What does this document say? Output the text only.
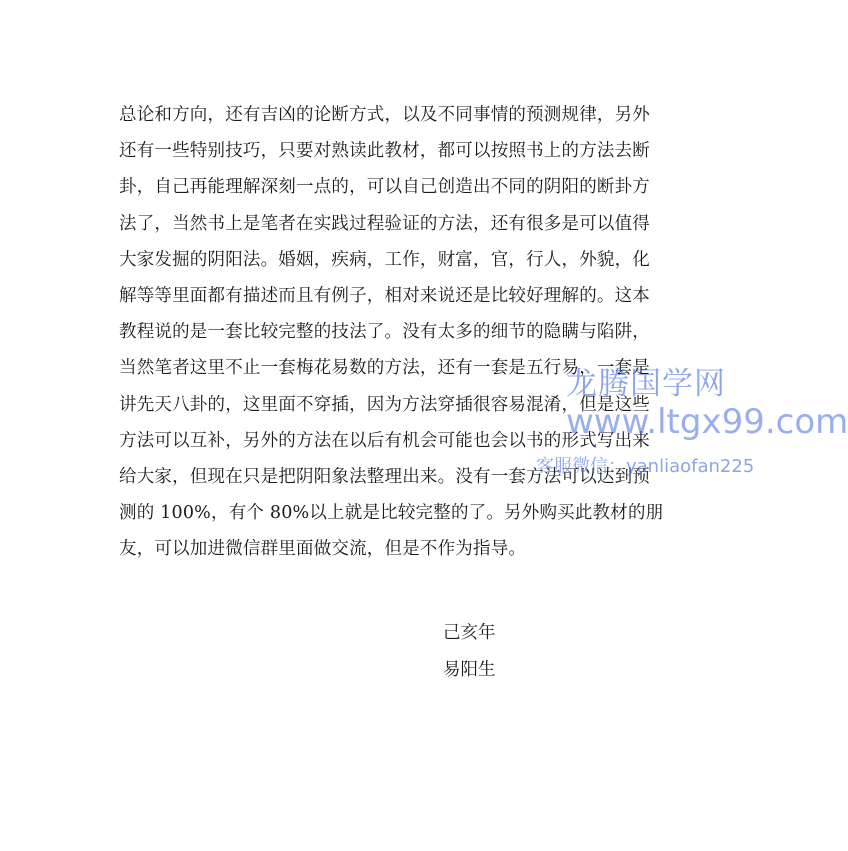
总论和方向，还有吉凶的论断方式，以及不同事情的预测规律，另外
还有一些特别技巧，只要对熟读此教材，都可以按照书上的方法去断
卦，自己再能理解深刻一点的，可以自己创造出不同的阴阳的断卦方
法了，当然书上是笔者在实践过程验证的方法，还有很多是可以值得
大家发掘的阴阳法。婚姻，疾病，工作，财富，官，行人，外貌，化
解等等里面都有描述而且有例子，相对来说还是比较好理解的。这本
教程说的是一套比较完整的技法了。没有太多的细节的隐瞒与陷阱，
当然笔者这里不止一套梅花易数的方法，还有一套是五行易，一套是
讲先天八卦的，这里面不穿插，因为方法穿插很容易混淆，但是这些
方法可以互补，另外的方法在以后有机会可能也会以书的形式写出来
给大家，但现在只是把阴阳象法整理出来。没有一套方法可以达到预
测的 100%，有个 80%以上就是比较完整的了。另外购买此教材的朋
友，可以加进微信群里面做交流，但是不作为指导。
己亥年
易阳生
龙腾国学网
www.ltgx99.com
客服微信：yanliaofan225
